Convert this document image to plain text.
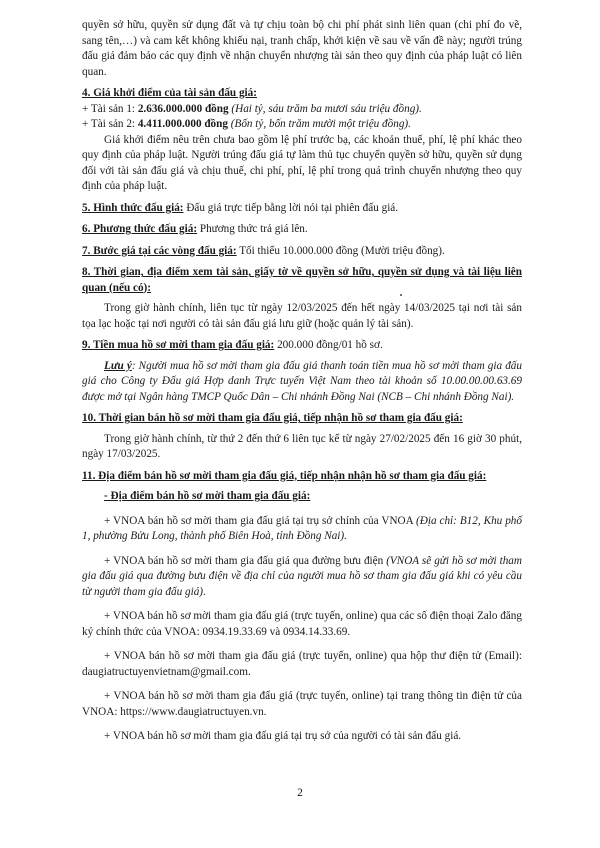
quyền sở hữu, quyền sử dụng đất và tự chịu toàn bộ chi phí phát sinh liên quan (chi phí đo vẽ, sang tên,…) và cam kết không khiếu nại, tranh chấp, khởi kiện về sau về vấn đề này; người trúng đấu giá đảm bảo các quy định về nhận chuyển nhượng tài sản theo quy định của pháp luật có liên quan.

4. Giá khởi điểm của tài sản đấu giá:

+ Tài sản 1: 2.636.000.000 đồng (Hai tỷ, sáu trăm ba mươi sáu triệu đồng).

+ Tài sản 2: 4.411.000.000 đồng (Bốn tỷ, bốn trăm mười một triệu đồng).

Giá khởi điểm nêu trên chưa bao gồm lệ phí trước bạ, các khoản thuế, phí, lệ phí khác theo quy định của pháp luật. Người trúng đấu giá tự làm thủ tục chuyển quyền sở hữu, quyền sử dụng đối với tài sản đấu giá và chịu thuế, chi phí, phí, lệ phí trong quá trình chuyển nhượng theo quy định của pháp luật.

5. Hình thức đấu giá: Đấu giá trực tiếp bằng lời nói tại phiên đấu giá.

6. Phương thức đấu giá: Phương thức trả giá lên.

7. Bước giá tại các vòng đấu giá: Tối thiểu 10.000.000 đồng (Mười triệu đồng).

8. Thời gian, địa điểm xem tài sản, giấy tờ về quyền sở hữu, quyền sử dụng và tài liệu liên quan (nếu có):

Trong giờ hành chính, liên tục từ ngày 12/03/2025 đến hết ngày 14/03/2025 tại nơi tài sản tọa lạc hoặc tại nơi người có tài sản đấu giá lưu giữ (hoặc quản lý tài sản).

9. Tiền mua hồ sơ mời tham gia đấu giá: 200.000 đồng/01 hồ sơ.

Lưu ý: Người mua hồ sơ mời tham gia đấu giá thanh toán tiền mua hồ sơ mời tham gia đấu giá cho Công ty Đấu giá Hợp danh Trực tuyến Việt Nam theo tài khoản số 10.00.00.00.63.69 được mở tại Ngân hàng TMCP Quốc Dân – Chi nhánh Đồng Nai (NCB – Chi nhánh Đồng Nai).

10. Thời gian bán hồ sơ mời tham gia đấu giá, tiếp nhận hồ sơ tham gia đấu giá:

Trong giờ hành chính, từ thứ 2 đến thứ 6 liên tục kể từ ngày 27/02/2025 đến 16 giờ 30 phút, ngày 17/03/2025.

11. Địa điểm bán hồ sơ mời tham gia đấu giá, tiếp nhận nhận hồ sơ tham gia đấu giá:

- Địa điểm bán hồ sơ mời tham gia đấu giá:

+ VNOA bán hồ sơ mời tham gia đấu giá tại trụ sở chính của VNOA (Địa chỉ: B12, Khu phố 1, phường Bửu Long, thành phố Biên Hoà, tỉnh Đồng Nai).

+ VNOA bán hồ sơ mời tham gia đấu giá qua đường bưu điện (VNOA sẽ gửi hồ sơ mời tham gia đấu giá qua đường bưu điện về địa chỉ của người mua hồ sơ tham gia đấu giá khi có yêu cầu từ người tham gia đấu giá).

+ VNOA bán hồ sơ mời tham gia đấu giá (trực tuyến, online) qua các số điện thoại Zalo đăng ký chính thức của VNOA: 0934.19.33.69 và 0934.14.33.69.

+ VNOA bán hồ sơ mời tham gia đấu giá (trực tuyến, online) qua hộp thư điện tử (Email): daugiatructuyenvietnam@gmail.com.

+ VNOA bán hồ sơ mời tham gia đấu giá (trực tuyến, online) tại trang thông tin điện tử của VNOA: https://www.daugiatructuyen.vn.

+ VNOA bán hồ sơ mời tham gia đấu giá tại trụ sở của người có tài sản đấu giá.

2
